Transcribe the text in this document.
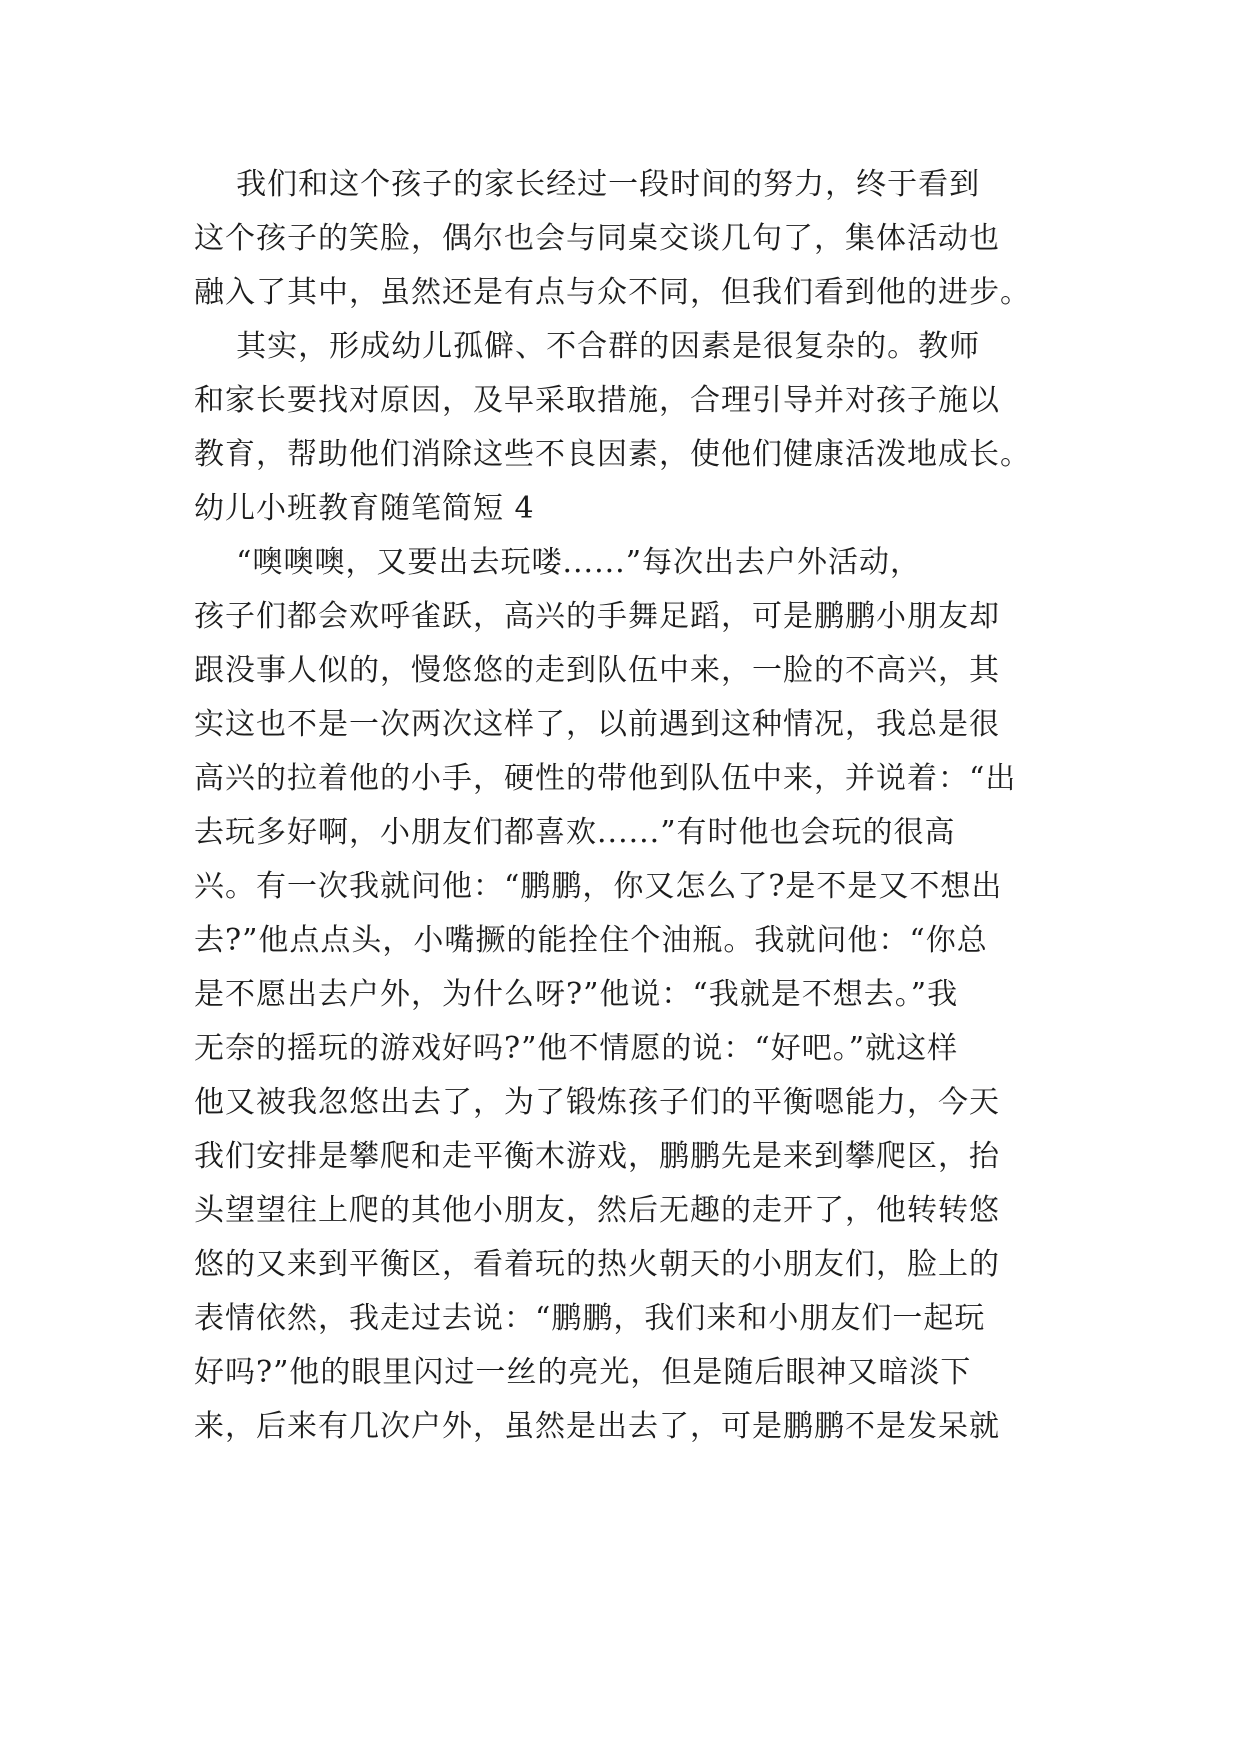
我们和这个孩子的家长经过一段时间的努力，终于看到
这个孩子的笑脸，偶尔也会与同桌交谈几句了，集体活动也
融入了其中，虽然还是有点与众不同，但我们看到他的进步。
其实，形成幼儿孤僻、不合群的因素是很复杂的。教师
和家长要找对原因，及早采取措施，合理引导并对孩子施以
教育，帮助他们消除这些不良因素，使他们健康活泼地成长。
幼儿小班教育随笔简短 4
“噢噢噢，又要出去玩喽......”每次出去户外活动，
孩子们都会欢呼雀跃，高兴的手舞足蹈，可是鹏鹏小朋友却
跟没事人似的，慢悠悠的走到队伍中来，一脸的不高兴，其
实这也不是一次两次这样了，以前遇到这种情况，我总是很
高兴的拉着他的小手，硬性的带他到队伍中来，并说着：“出
去玩多好啊，小朋友们都喜欢......”有时他也会玩的很高
兴。有一次我就问他：“鹏鹏，你又怎么了?是不是又不想出
去?”他点点头，小嘴撅的能拴住个油瓶。我就问他：“你总
是不愿出去户外，为什么呀?”他说：“我就是不想去。”我
无奈的摇玩的游戏好吗?”他不情愿的说：“好吧。”就这样
他又被我忽悠出去了，为了锻炼孩子们的平衡嗯能力，今天
我们安排是攀爬和走平衡木游戏，鹏鹏先是来到攀爬区，抬
头望望往上爬的其他小朋友，然后无趣的走开了，他转转悠
悠的又来到平衡区，看着玩的热火朝天的小朋友们，脸上的
表情依然，我走过去说：“鹏鹏，我们来和小朋友们一起玩
好吗?”他的眼里闪过一丝的亮光，但是随后眼神又暗淡下
来，后来有几次户外，虽然是出去了，可是鹏鹏不是发呆就
